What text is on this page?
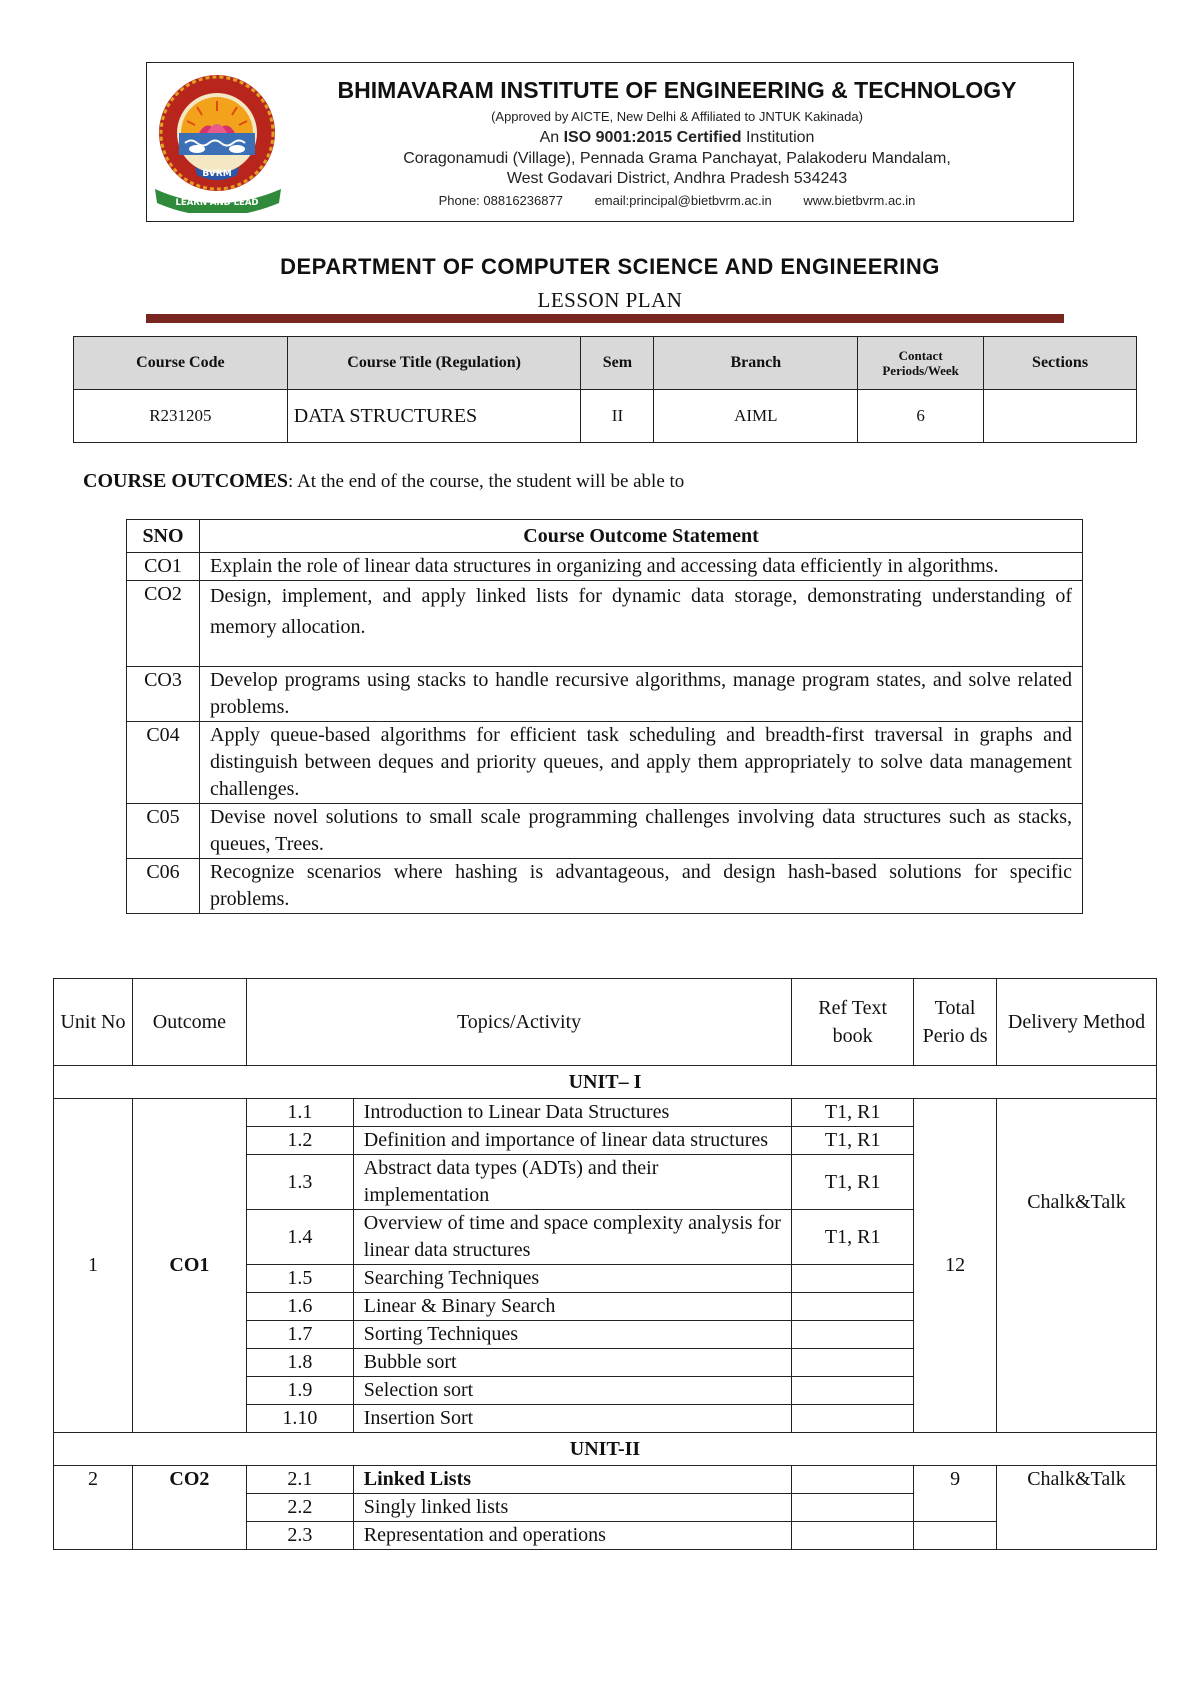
BVRM
LEARN AND LEAD
BHIMAVARAM INSTITUTE OF ENGINEERING & TECHNOLOGY
(Approved by AICTE, New Delhi & Affiliated to JNTUK Kakinada)
An ISO 9001:2015 Certified Institution
Coragonamudi (Village), Pennada Grama Panchayat, Palakoderu Mandalam,
West Godavari District, Andhra Pradesh 534243
Phone: 08816236877 email:principal@bietbvrm.ac.in www.bietbvrm.ac.in
DEPARTMENT OF COMPUTER SCIENCE AND ENGINEERING
LESSON PLAN
Course Code	Course Title (Regulation)	Sem	Branch	Contact Periods/Week	Sections
R231205	DATA STRUCTURES	II	AIML	6	
COURSE OUTCOMES: At the end of the course, the student will be able to
SNO	Course Outcome Statement
CO1	Explain the role of linear data structures in organizing and accessing data efficiently in algorithms.
CO2	Design, implement, and apply linked lists for dynamic data storage, demonstrating understanding of memory allocation.
CO3	Develop programs using stacks to handle recursive algorithms, manage program states, and solve related problems.
C04	Apply queue-based algorithms for efficient task scheduling and breadth-first traversal in graphs and distinguish between deques and priority queues, and apply them appropriately to solve data management challenges.
C05	Devise novel solutions to small scale programming challenges involving data structures such as stacks, queues, Trees.
C06	Recognize scenarios where hashing is advantageous, and design hash-based solutions for specific problems.
Unit No	Outcome	Topics/Activity		Ref Text book	Total Perio ds	Delivery Method
UNIT– I						
1	CO1	1.1	Introduction to Linear Data Structures	T1, R1	12	Chalk&Talk
		1.2	Definition and importance of linear data structures	T1, R1		
		1.3	Abstract data types (ADTs) and their implementation	T1, R1		
		1.4	Overview of time and space complexity analysis for linear data structures	T1, R1		
		1.5	Searching Techniques			
		1.6	Linear & Binary Search			
		1.7	Sorting Techniques			
		1.8	Bubble sort			
		1.9	Selection sort			
		1.10	Insertion Sort			
UNIT-II						
2	CO2	2.1	Linked Lists		9	Chalk&Talk
		2.2	Singly linked lists			
		2.3	Representation and operations			
